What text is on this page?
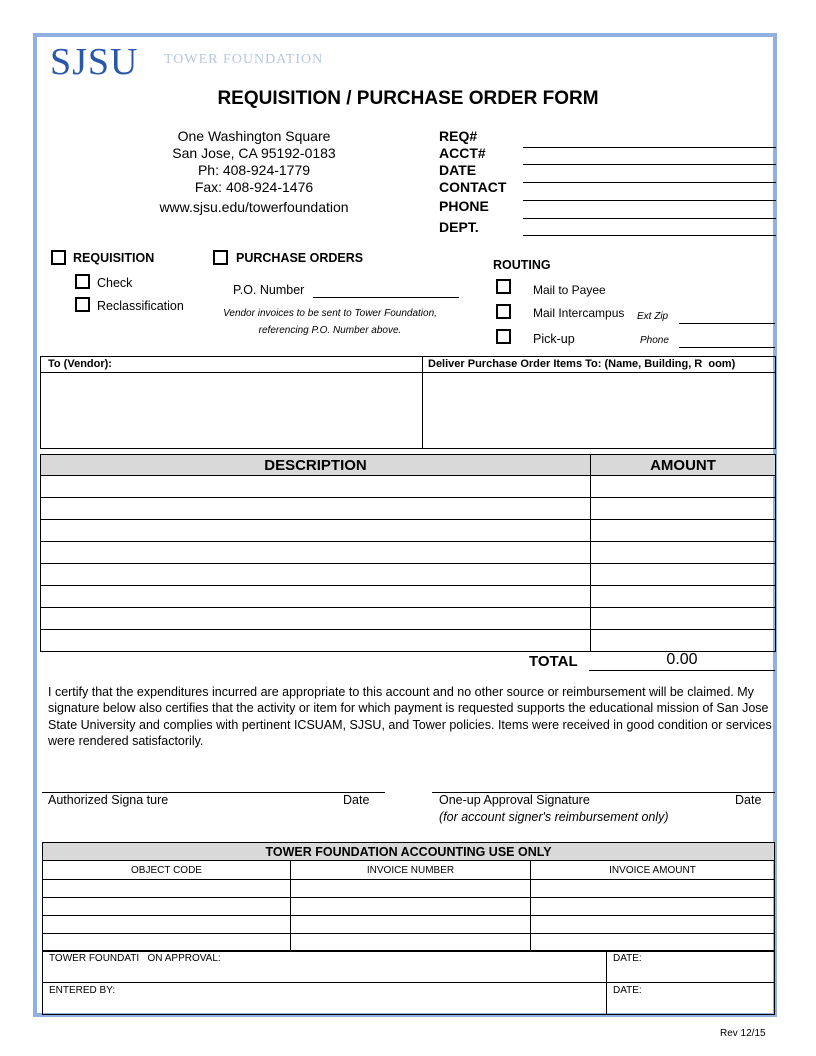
SJSU TOWER FOUNDATION
REQUISITION / PURCHASE ORDER FORM
One Washington Square
San Jose, CA 95192-0183
Ph: 408-924-1779
Fax: 408-924-1476
www.sjsu.edu/towerfoundation
REQ#
ACCT#
DATE
CONTACT
PHONE
DEPT.
REQUISITION
Check
Reclassification
PURCHASE ORDERS
P.O. Number
Vendor invoices to be sent to Tower Foundation,
referencing P.O. Number above.
ROUTING
Mail to Payee
Mail Intercampus Ext Zip
Pick-up	Phone
To (Vendor):	Deliver Purchase Order Items To: (Name, Building, R  oom)
DESCRIPTION	AMOUNT

TOTAL	0.00
I certify that the expenditures incurred are appropriate to this account and no other source or reimbursement will be claimed. My signature below also certifies that the activity or item for which payment is requested supports the educational mission of San Jose State University and complies with pertinent ICSUAM, SJSU, and Tower policies. Items were received in good condition or services were rendered satisfactorily.
Authorized Signa ture	Date	One-up Approval Signature	Date
(for account signer's reimbursement only)
TOWER FOUNDATION ACCOUNTING USE ONLY		
OBJECT CODE	INVOICE NUMBER	INVOICE AMOUNT

TOWER FOUNDATI   ON APPROVAL:	DATE:
ENTERED BY:	DATE:
Rev 12/15
